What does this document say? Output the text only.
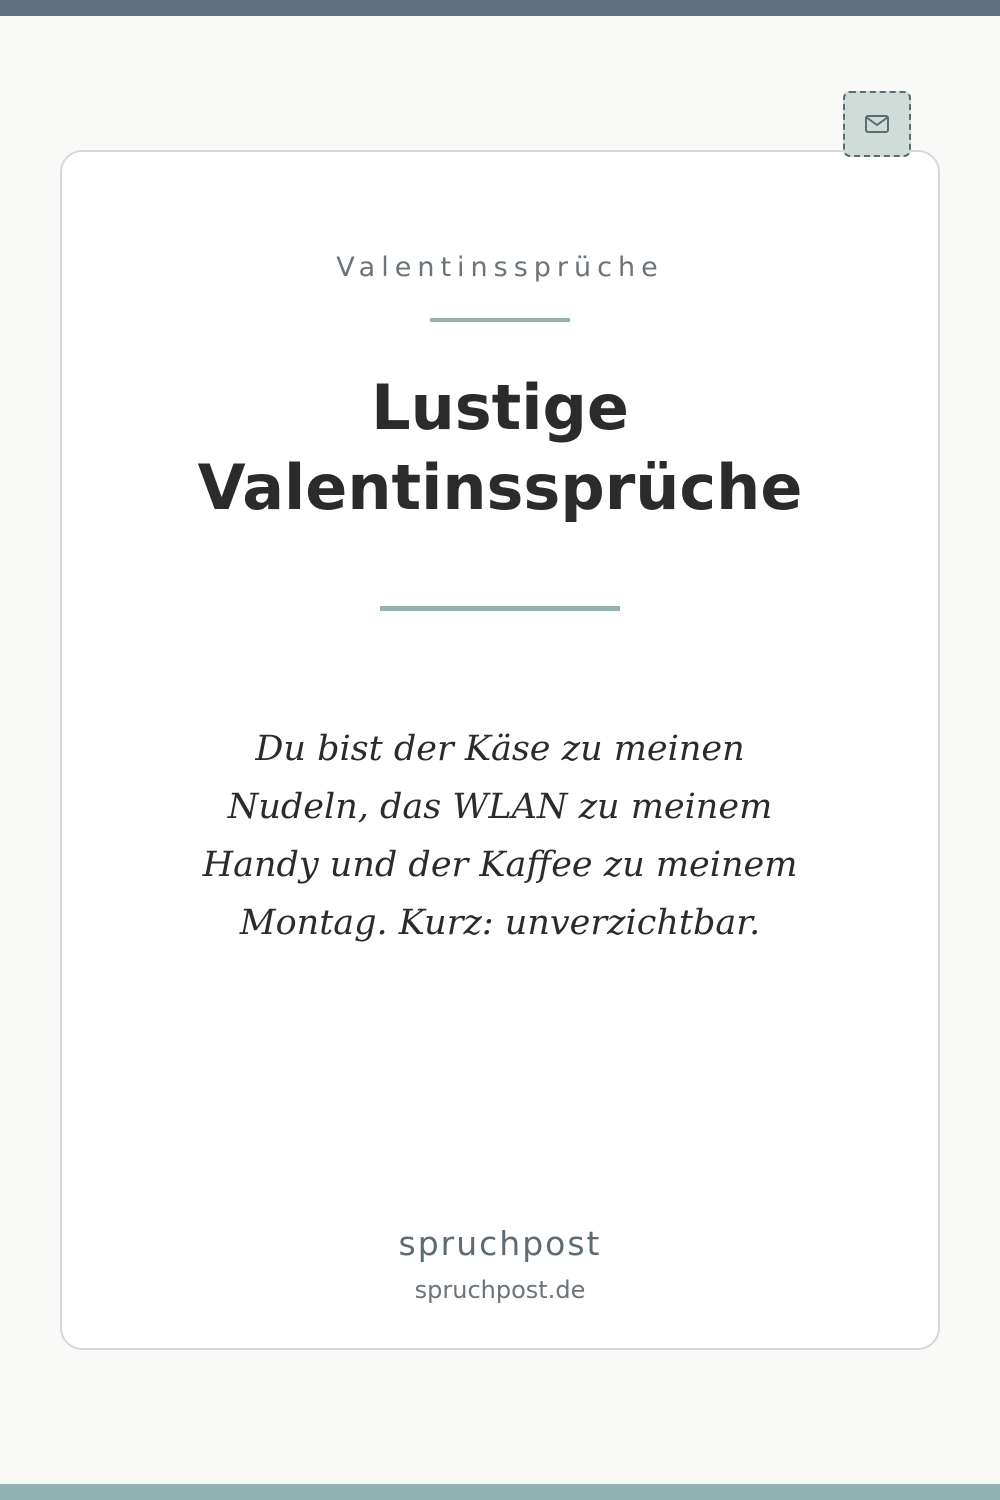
Valentinssprüche
Lustige
Valentinssprüche
Du bist der Käse zu meinen
Nudeln, das WLAN zu meinem
Handy und der Kaffee zu meinem
Montag. Kurz: unverzichtbar.
spruchpost
spruchpost.de
